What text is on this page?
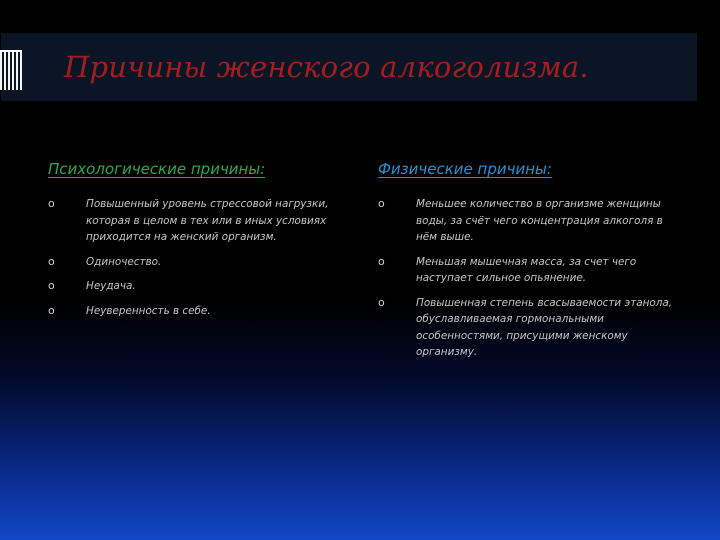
Причины женского алкоголизма.
Психологические причины:
o	Повышенный уровень стрессовой нагрузки, которая в целом в тех или в иных условиях приходится на женский организм.
o	Одиночество.
o	Неудача.
o	Неуверенность в себе.
Физические причины:
o	Меньшее количество в организме женщины воды, за счёт чего концентрация алкоголя в нём выше.
o	Меньшая мышечная масса, за счет чего наступает сильное опьянение.
o	Повышенная степень всасываемости этанола, обуславливаемая гормональными особенностями, присущими женскому организму.
